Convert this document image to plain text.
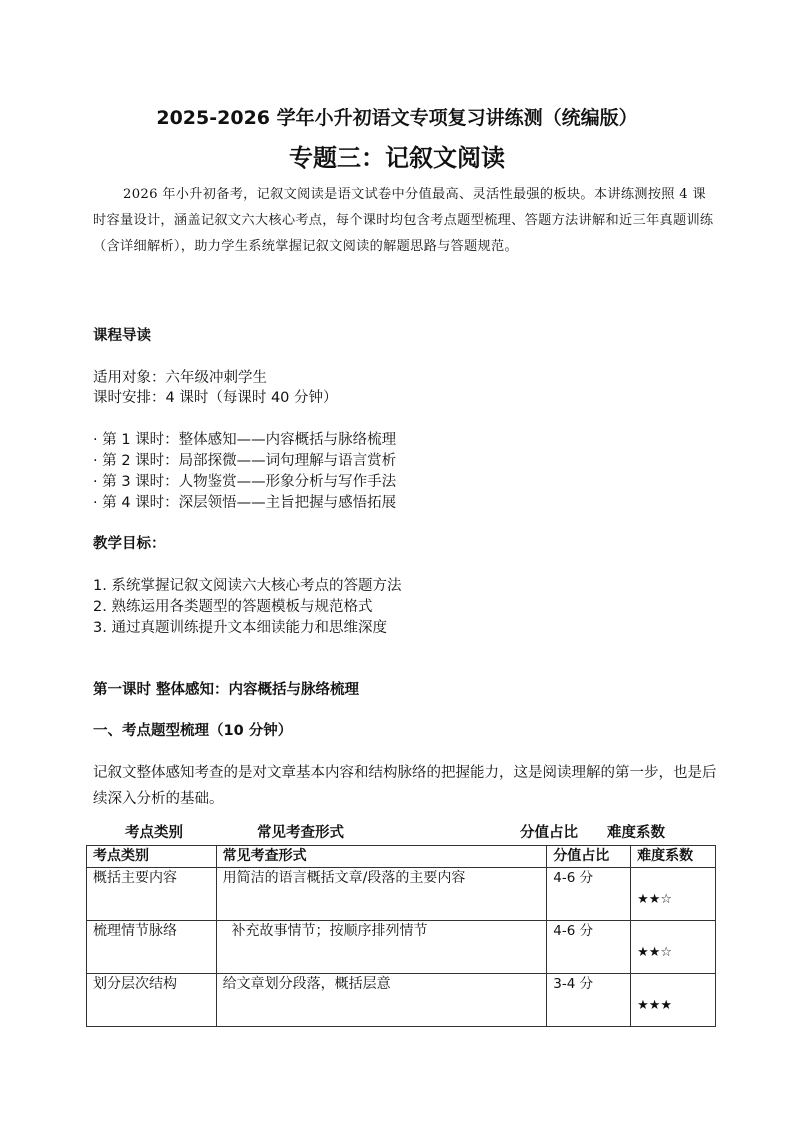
2025-2026 学年小升初语文专项复习讲练测（统编版）
专题三：记叙文阅读
2026 年小升初备考，记叙文阅读是语文试卷中分值最高、灵活性最强的板块。本讲练测按照 4 课时容量设计，涵盖记叙文六大核心考点，每个课时均包含考点题型梳理、答题方法讲解和近三年真题训练（含详细解析），助力学生系统掌握记叙文阅读的解题思路与答题规范。
课程导读
适用对象：六年级冲刺学生
课时安排：4 课时（每课时 40 分钟）
· 第 1 课时：整体感知——内容概括与脉络梳理
· 第 2 课时：局部探微——词句理解与语言赏析
· 第 3 课时：人物鉴赏——形象分析与写作手法
· 第 4 课时：深层领悟——主旨把握与感悟拓展
教学目标：
1. 系统掌握记叙文阅读六大核心考点的答题方法
2. 熟练运用各类题型的答题模板与规范格式
3. 通过真题训练提升文本细读能力和思维深度
第一课时 整体感知：内容概括与脉络梳理
一、考点题型梳理（10 分钟）
记叙文整体感知考查的是对文章基本内容和结构脉络的把握能力，这是阅读理解的第一步，也是后续深入分析的基础。
考点类别	常见考查形式	分值占比 难度系数
考点类别	常见考查形式	分值占比	难度系数
概括主要内容	用简洁的语言概括文章/段落的主要内容	4-6 分	★★☆
梳理情节脉络	补充故事情节；按顺序排列情节	4-6 分	★★☆
划分层次结构	给文章划分段落，概括层意	3-4 分	★★★
